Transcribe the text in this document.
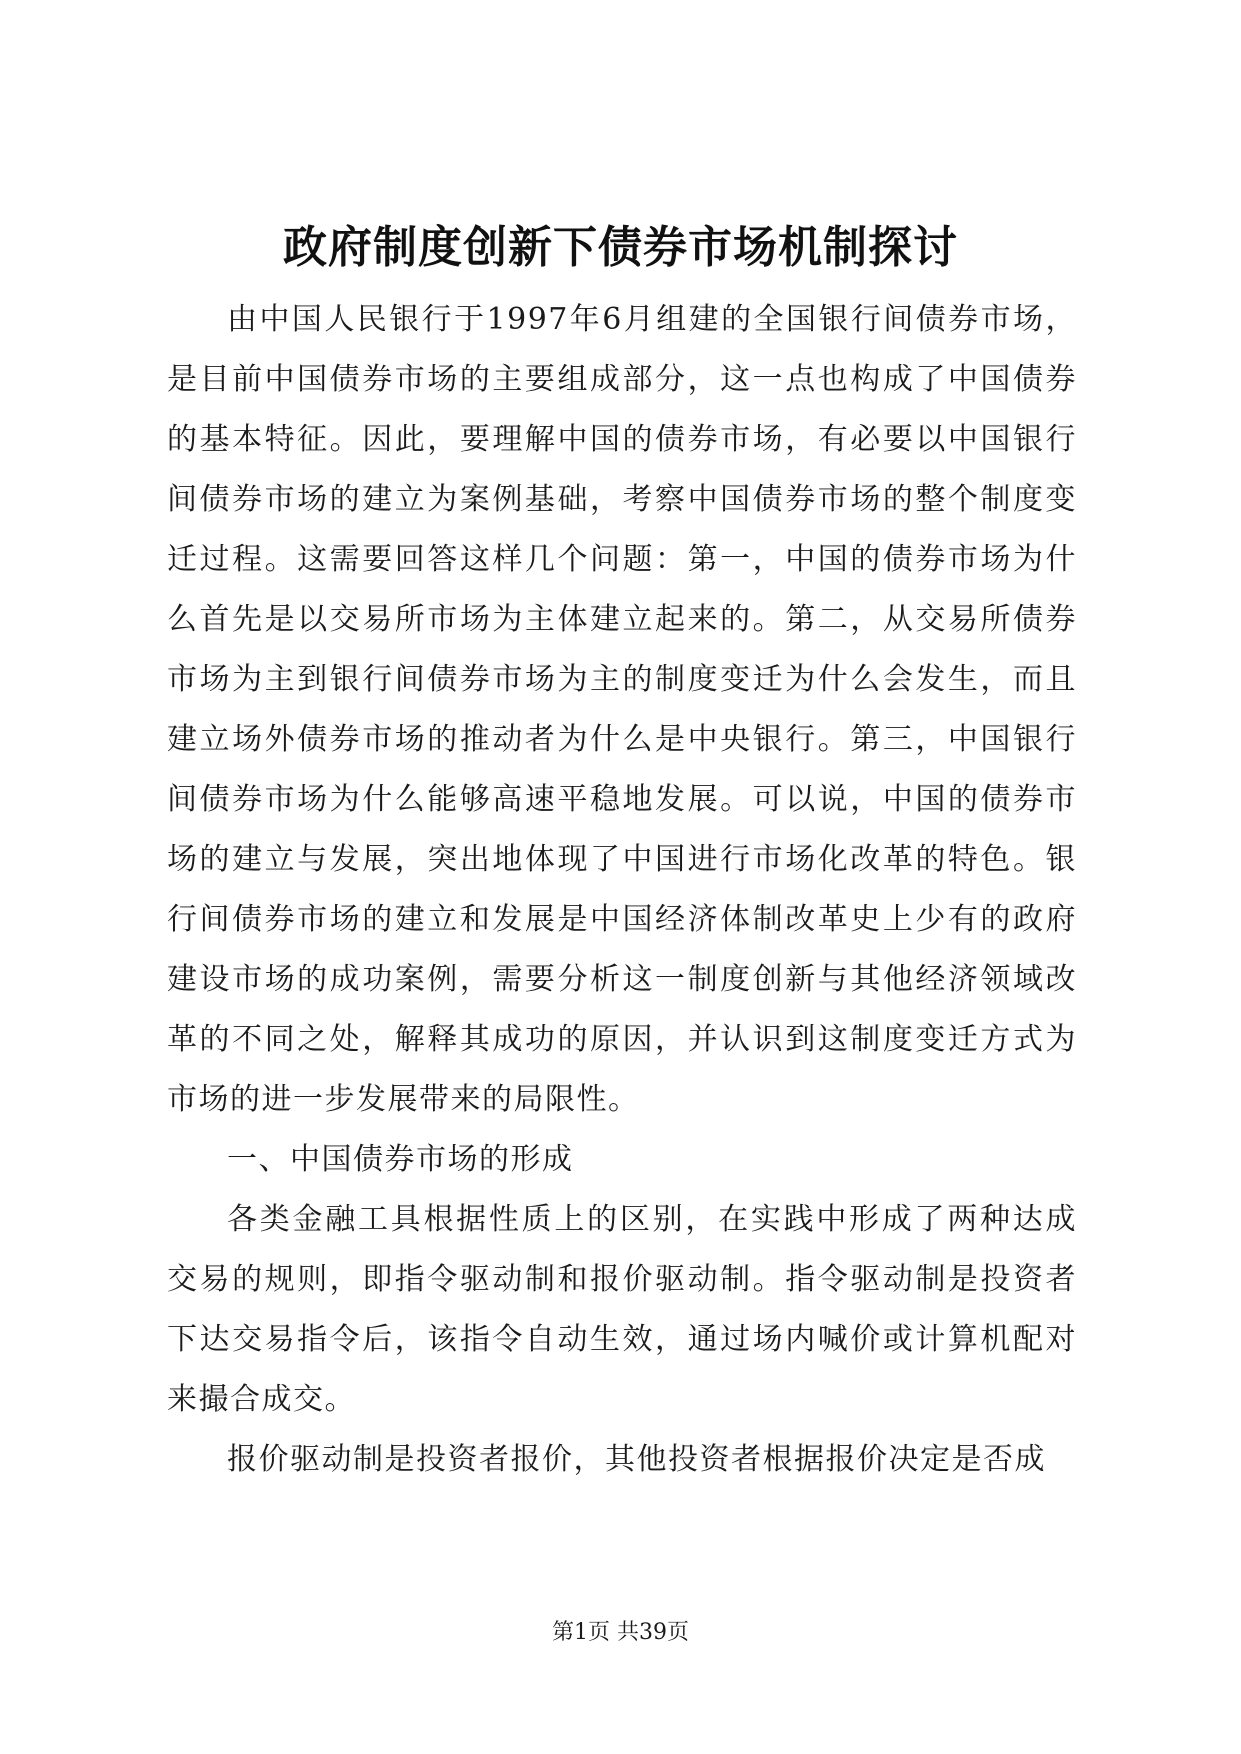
政府制度创新下债券市场机制探讨

由中国人民银行于1997年6月组建的全国银行间债券市场，是目前中国债券市场的主要组成部分，这一点也构成了中国债券的基本特征。因此，要理解中国的债券市场，有必要以中国银行间债券市场的建立为案例基础，考察中国债券市场的整个制度变迁过程。这需要回答这样几个问题：第一，中国的债券市场为什么首先是以交易所市场为主体建立起来的。第二，从交易所债券市场为主到银行间债券市场为主的制度变迁为什么会发生，而且建立场外债券市场的推动者为什么是中央银行。第三，中国银行间债券市场为什么能够高速平稳地发展。可以说，中国的债券市场的建立与发展，突出地体现了中国进行市场化改革的特色。银行间债券市场的建立和发展是中国经济体制改革史上少有的政府建设市场的成功案例，需要分析这一制度创新与其他经济领域改革的不同之处，解释其成功的原因，并认识到这制度变迁方式为市场的进一步发展带来的局限性。

一、中国债券市场的形成

各类金融工具根据性质上的区别，在实践中形成了两种达成交易的规则，即指令驱动制和报价驱动制。指令驱动制是投资者下达交易指令后，该指令自动生效，通过场内喊价或计算机配对来撮合成交。

报价驱动制是投资者报价，其他投资者根据报价决定是否成

第1页 共39页
